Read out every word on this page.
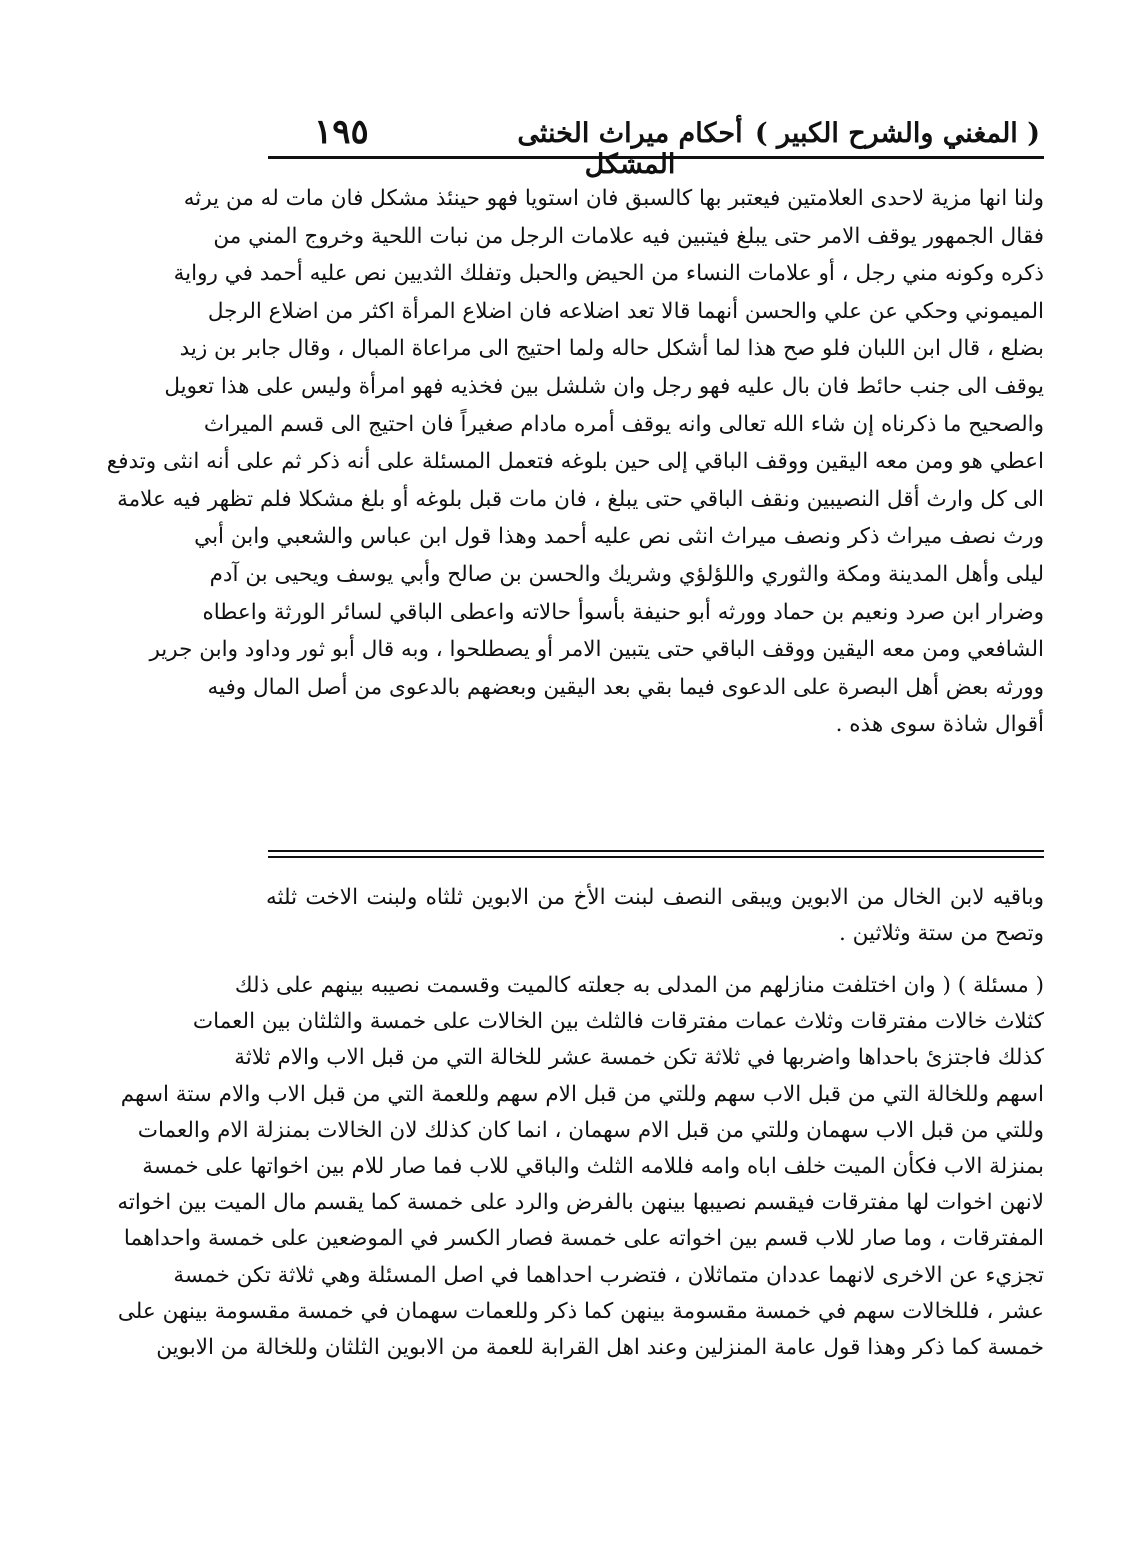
١٩٥	أحكام ميراث الخنثى المشكل
( المغني والشرح الكبير )

ولنا انها مزية لاحدى العلامتين فيعتبر بها كالسبق فان استويا فهو حينئذ مشكل فان مات له من يرثه

فقال الجمهور يوقف الامر حتى يبلغ فيتبين فيه علامات الرجل من نبات اللحية وخروج المني من

ذكره وكونه مني رجل ، أو علامات النساء من الحيض والحبل وتفلك الثديين نص عليه أحمد في رواية

الميموني وحكي عن علي والحسن أنهما قالا تعد اضلاعه فان اضلاع المرأة اكثر من اضلاع الرجل

بضلع ، قال ابن اللبان فلو صح هذا لما أشكل حاله ولما احتيج الى مراعاة المبال ، وقال جابر بن زيد

يوقف الى جنب حائط فان بال عليه فهو رجل وان شلشل بين فخذيه فهو امرأة وليس على هذا تعويل

والصحيح ما ذكرناه إن شاء الله تعالى وانه يوقف أمره مادام صغيراً فان احتيج الى قسم الميراث

اعطي هو ومن معه اليقين ووقف الباقي إلى حين بلوغه فتعمل المسئلة على أنه ذكر ثم على أنه انثى وتدفع

الى كل وارث أقل النصيبين ونقف الباقي حتى يبلغ ، فان مات قبل بلوغه أو بلغ مشكلا فلم تظهر فيه علامة

ورث نصف ميراث ذكر ونصف ميراث انثى نص عليه أحمد وهذا قول ابن عباس والشعبي وابن أبي

ليلى وأهل المدينة ومكة والثوري واللؤلؤي وشريك والحسن بن صالح وأبي يوسف ويحيى بن آدم

وضرار ابن صرد ونعيم بن حماد وورثه أبو حنيفة بأسوأ حالاته واعطى الباقي لسائر الورثة واعطاه

الشافعي ومن معه اليقين ووقف الباقي حتى يتبين الامر أو يصطلحوا ، وبه قال أبو ثور وداود وابن جرير

وورثه بعض أهل البصرة على الدعوى فيما بقي بعد اليقين وبعضهم بالدعوى من أصل المال وفيه

أقوال شاذة سوى هذه .

وباقيه لابن الخال من الابوين ويبقى النصف لبنت الأخ من الابوين ثلثاه ولبنت الاخت ثلثه

وتصح من ستة وثلاثين .

( مسئلة ) ( وان اختلفت منازلهم من المدلى به جعلته كالميت وقسمت نصيبه بينهم على ذلك

كثلاث خالات مفترقات وثلاث عمات مفترقات فالثلث بين الخالات على خمسة والثلثان بين العمات

كذلك فاجتزئ باحداها واضربها في ثلاثة تكن خمسة عشر للخالة التي من قبل الاب والام ثلاثة

اسهم وللخالة التي من قبل الاب سهم وللتي من قبل الام سهم وللعمة التي من قبل الاب والام ستة اسهم

وللتي من قبل الاب سهمان وللتي من قبل الام سهمان ، انما كان كذلك لان الخالات بمنزلة الام والعمات

بمنزلة الاب فكأن الميت خلف اباه وامه فللامه الثلث والباقي للاب فما صار للام بين اخواتها على خمسة

لانهن اخوات لها مفترقات فيقسم نصيبها بينهن بالفرض والرد على خمسة كما يقسم مال الميت بين اخواته

المفترقات ، وما صار للاب قسم بين اخواته على خمسة فصار الكسر في الموضعين على خمسة واحداهما

تجزيء عن الاخرى لانهما عددان متماثلان ، فتضرب احداهما في اصل المسئلة وهي ثلاثة تكن خمسة

عشر ، فللخالات سهم في خمسة مقسومة بينهن كما ذكر وللعمات سهمان في خمسة مقسومة بينهن على

خمسة كما ذكر وهذا قول عامة المنزلين وعند اهل القرابة للعمة من الابوين الثلثان وللخالة من الابوين
